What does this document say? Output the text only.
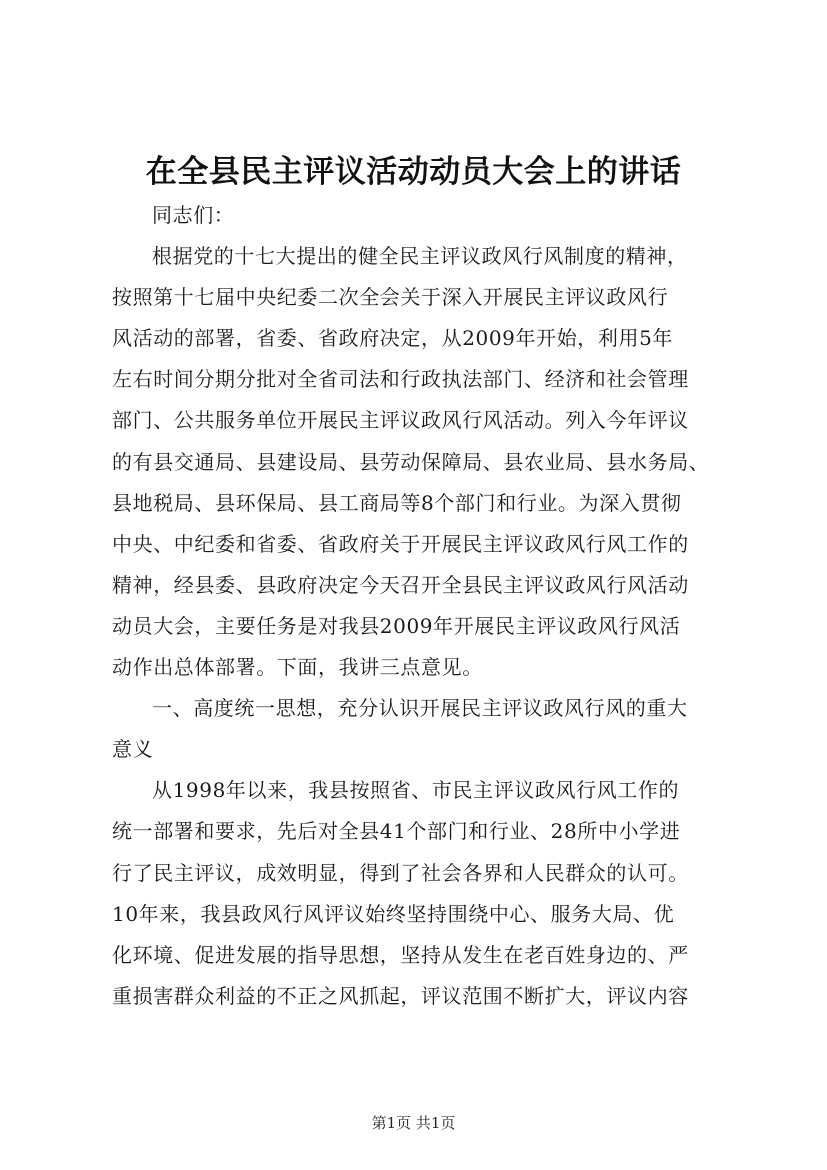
在全县民主评议活动动员大会上的讲话
同志们：
根据党的十七大提出的健全民主评议政风行风制度的精神，
按照第十七届中央纪委二次全会关于深入开展民主评议政风行
风活动的部署，省委、省政府决定，从2009年开始，利用5年
左右时间分期分批对全省司法和行政执法部门、经济和社会管理
部门、公共服务单位开展民主评议政风行风活动。列入今年评议
的有县交通局、县建设局、县劳动保障局、县农业局、县水务局、
县地税局、县环保局、县工商局等8个部门和行业。为深入贯彻
中央、中纪委和省委、省政府关于开展民主评议政风行风工作的
精神，经县委、县政府决定今天召开全县民主评议政风行风活动
动员大会，主要任务是对我县2009年开展民主评议政风行风活
动作出总体部署。下面，我讲三点意见。
一、高度统一思想，充分认识开展民主评议政风行风的重大
意义
从1998年以来，我县按照省、市民主评议政风行风工作的
统一部署和要求，先后对全县41个部门和行业、28所中小学进
行了民主评议，成效明显，得到了社会各界和人民群众的认可。
10年来，我县政风行风评议始终坚持围绕中心、服务大局、优
化环境、促进发展的指导思想，坚持从发生在老百姓身边的、严
重损害群众利益的不正之风抓起，评议范围不断扩大，评议内容
第1页 共1页
